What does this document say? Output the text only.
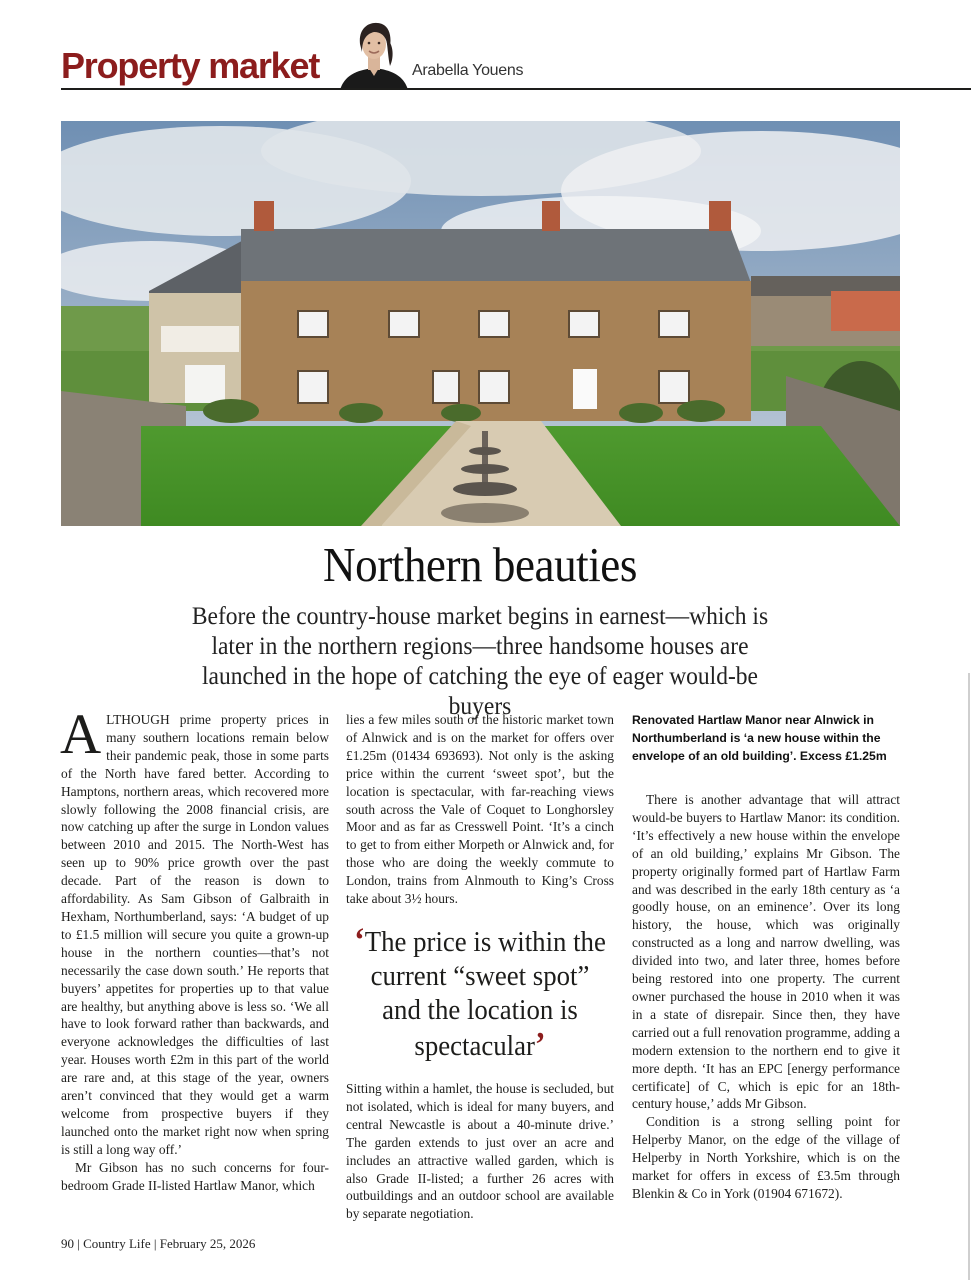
Property market	Arabella Youens
Northern beauties
Before the country-house market begins in earnest—which is later in the northern regions—three handsome houses are launched in the hope of catching the eye of eager would-be buyers

ALTHOUGH prime property prices in many southern locations remain below their pandemic peak, those in some parts of the North have fared better. According to Hamptons, northern areas, which recovered more slowly following the 2008 financial crisis, are now catching up after the surge in London values between 2010 and 2015. The North-West has seen up to 90% price growth over the past decade. Part of the reason is down to affordability. As Sam Gibson of Galbraith in Hexham, Northumberland, says: ‘A budget of up to £1.5 million will secure you quite a grown-up house in the northern counties—that’s not necessarily the case down south.’ He reports that buyers’ appetites for properties up to that value are healthy, but anything above is less so. ‘We all have to look forward rather than backwards, and everyone acknowledges the difficulties of last year. Houses worth £2m in this part of the world are rare and, at this stage of the year, owners aren’t convinced that they would get a warm welcome from prospective buyers if they launched onto the market right now when spring is still a long way off.’

Mr Gibson has no such concerns for four-bedroom Grade II-listed Hartlaw Manor, which

lies a few miles south of the historic market town of Alnwick and is on the market for offers over £1.25m (01434 693693). Not only is the asking price within the current ‘sweet spot’, but the location is spectacular, with far-reaching views south across the Vale of Coquet to Longhorsley Moor and as far as Cresswell Point. ‘It’s a cinch to get to from either Morpeth or Alnwick and, for those who are doing the weekly commute to London, trains from Alnmouth to King’s Cross take about 3½ hours.

‘The price is within the current “sweet spot” and the location is spectacular’

Sitting within a hamlet, the house is secluded, but not isolated, which is ideal for many buyers, and central Newcastle is about a 40-minute drive.’ The garden extends to just over an acre and includes an attractive walled garden, which is also Grade II-listed; a further 26 acres with outbuildings and an outdoor school are available by separate negotiation.

Renovated Hartlaw Manor near Alnwick in Northumberland is ‘a new house within the envelope of an old building’. Excess £1.25m

There is another advantage that will attract would-be buyers to Hartlaw Manor: its condition. ‘It’s effectively a new house within the envelope of an old building,’ explains Mr Gibson. The property originally formed part of Hartlaw Farm and was described in the early 18th century as ‘a goodly house, on an eminence’. Over its long history, the house, which was originally constructed as a long and narrow dwelling, was divided into two, and later three, homes before being restored into one property. The current owner purchased the house in 2010 when it was in a state of disrepair. Since then, they have carried out a full renovation programme, adding a modern extension to the northern end to give it more depth. ‘It has an EPC [energy performance certificate] of C, which is epic for an 18th-century house,’ adds Mr Gibson.

Condition is a strong selling point for Helperby Manor, on the edge of the village of Helperby in North Yorkshire, which is on the market for offers in excess of £3.5m through Blenkin & Co in York (01904 671672).

90 | Country Life | February 25, 2026
